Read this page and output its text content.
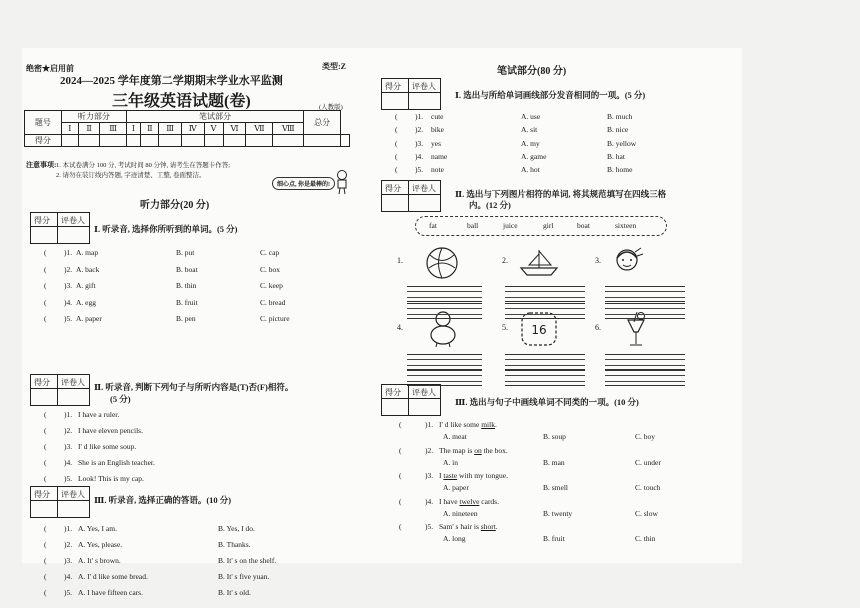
绝密★启用前	类型:Z
2024—2025 学年度第二学期期末学业水平监测
三年级英语试题(卷)	(人教版)
题号	听力部分			笔试部分								总分	
	Ⅰ	Ⅱ	Ⅲ	Ⅰ	Ⅱ	Ⅲ	Ⅳ	Ⅴ	Ⅵ	Ⅶ	Ⅷ		
得分													
注意事项: 1. 本试卷满分 100 分, 考试时间 80 分钟, 请考生在答题卡作答;
2. 请勿在装订线内答题, 字迹清楚、工整, 卷面整洁。
细心点, 你是最棒的!
听力部分(20 分)
得分 评卷人
Ⅰ. 听录音, 选择你所听到的单词。(5 分)
得分 评卷人 Ⅱ. 听录音, 判断下列句子与所听内容是(T)否(F)相符。
(5 分)
得分 评卷人
Ⅲ. 听录音, 选择正确的答语。(10 分)
( )1. A. map	B. put	C. cap
( )2. A. back	B. boat	C. box
( )3. A. gift	B. thin	C. keep
( )4. A. egg	B. fruit	C. bread
( )5. A. paper	B. pen	C. picture
( )1. I have a ruler.
( )2. I have eleven pencils.
( )3. I' d like some soup.
( )4. She is an English teacher.
( )5. Look! This is my cap.
( )1. A. Yes, I am.	B. Yes, I do.
( )2. A. Yes, please.	B. Thanks.
( )3. A. It' s brown.	B. It' s on the shelf.
( )4. A. I' d like some bread.	B. It' s five yuan.
( )5. A. I have fifteen cars.	B. It' s old.
笔试部分(80 分)
得分 评卷人
Ⅰ. 选出与所给单词画线部分发音相同的一项。(5 分)
得分 评卷人
Ⅱ. 选出与下列图片相符的单词, 将其规范填写在四线三格
内。(12 分)
1.	2.	3.
4.	5.	6.
16
得分 评卷人
Ⅲ. 选出与句子中画线单词不同类的一项。(10 分)
( )1. cute	A. use	B. much
( )2. bike	A. sit	B. nice
( )3. yes	A. my	B. yellow
( )4. name	A. game	B. hat
( )5. note	A. hot	B. home
fat	ball	juice	girl	boat	sixteen
(	)1. I' d like some milk.
A. meat	B. soup	C. boy
(	)2. The map is on the box.
A. in	B. man	C. under
(	)3. I taste with my tongue.
A. paper	B. smell	C. touch
(	)4. I have twelve cards.
A. nineteen	B. twenty	C. slow
(	)5. Sam' s hair is short.
A. long	B. fruit	C. thin
